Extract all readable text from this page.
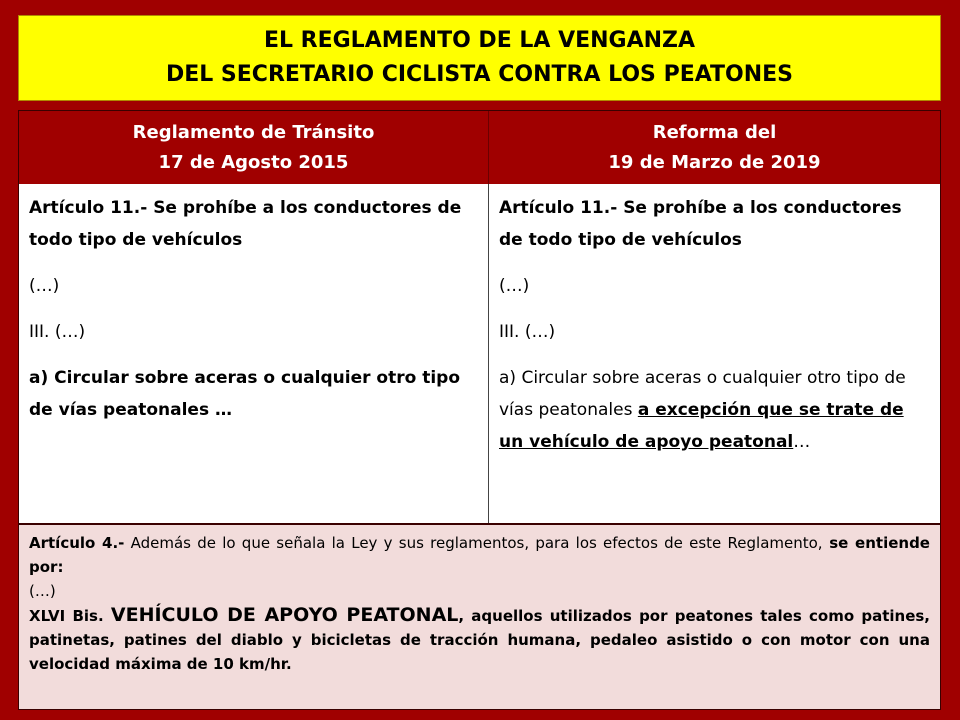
EL REGLAMENTO DE LA VENGANZA
DEL SECRETARIO CICLISTA CONTRA LOS PEATONES
Reglamento de Tránsito
17 de Agosto 2015
Reforma del
19 de Marzo de 2019

Artículo 11.- Se prohíbe a los conductores de todo tipo de vehículos

(…)

III. (…)

a) Circular sobre aceras o cualquier otro tipo de vías peatonales …

Artículo 11.- Se prohíbe a los conductores de todo tipo de vehículos

(…)

III. (…)

a) Circular sobre aceras o cualquier otro tipo de vías peatonales a excepción que se trate de un vehículo de apoyo peatonal…

Artículo 4.- Además de lo que señala la Ley y sus reglamentos, para los efectos de este Reglamento, se entiende por:

(…)

XLVI Bis. VEHÍCULO DE APOYO PEATONAL, aquellos utilizados por peatones tales como patines, patinetas, patines del diablo y bicicletas de tracción humana, pedaleo asistido o con motor con una velocidad máxima de 10 km/hr.
